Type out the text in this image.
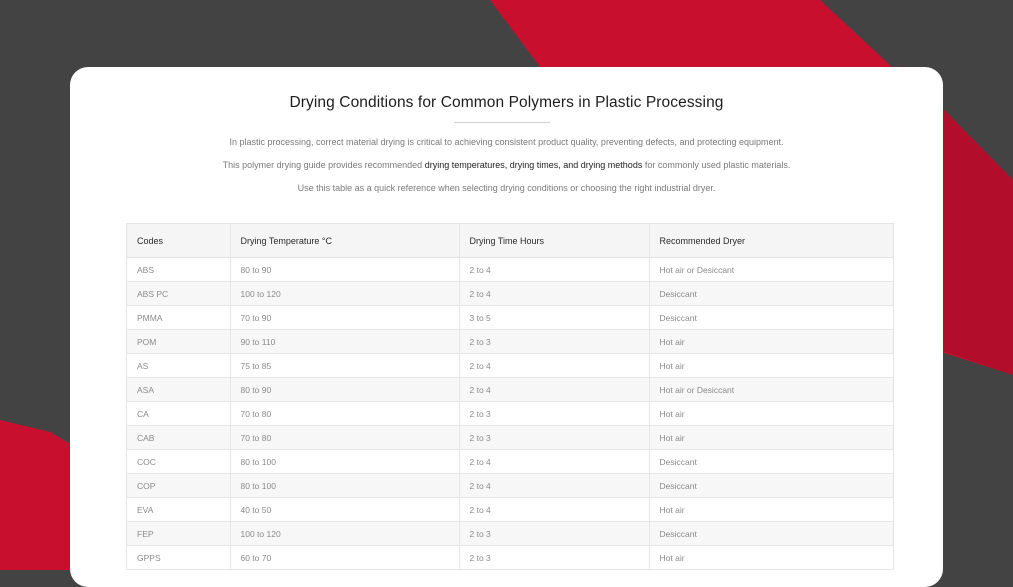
Drying Conditions for Common Polymers in Plastic Processing
In plastic processing, correct material drying is critical to achieving consistent product quality, preventing defects, and protecting equipment.
This polymer drying guide provides recommended drying temperatures, drying times, and drying methods for commonly used plastic materials.
Use this table as a quick reference when selecting drying conditions or choosing the right industrial dryer.
Codes	Drying Temperature °C	Drying Time Hours	Recommended Dryer
ABS	80 to 90	2 to 4	Hot air or Desiccant
ABS PC	100 to 120	2 to 4	Desiccant
PMMA	70 to 90	3 to 5	Desiccant
POM	90 to 110	2 to 3	Hot air
AS	75 to 85	2 to 4	Hot air
ASA	80 to 90	2 to 4	Hot air or Desiccant
CA	70 to 80	2 to 3	Hot air
CAB	70 to 80	2 to 3	Hot air
COC	80 to 100	2 to 4	Desiccant
COP	80 to 100	2 to 4	Desiccant
EVA	40 to 50	2 to 4	Hot air
FEP	100 to 120	2 to 3	Desiccant
GPPS	60 to 70	2 to 3	Hot air
